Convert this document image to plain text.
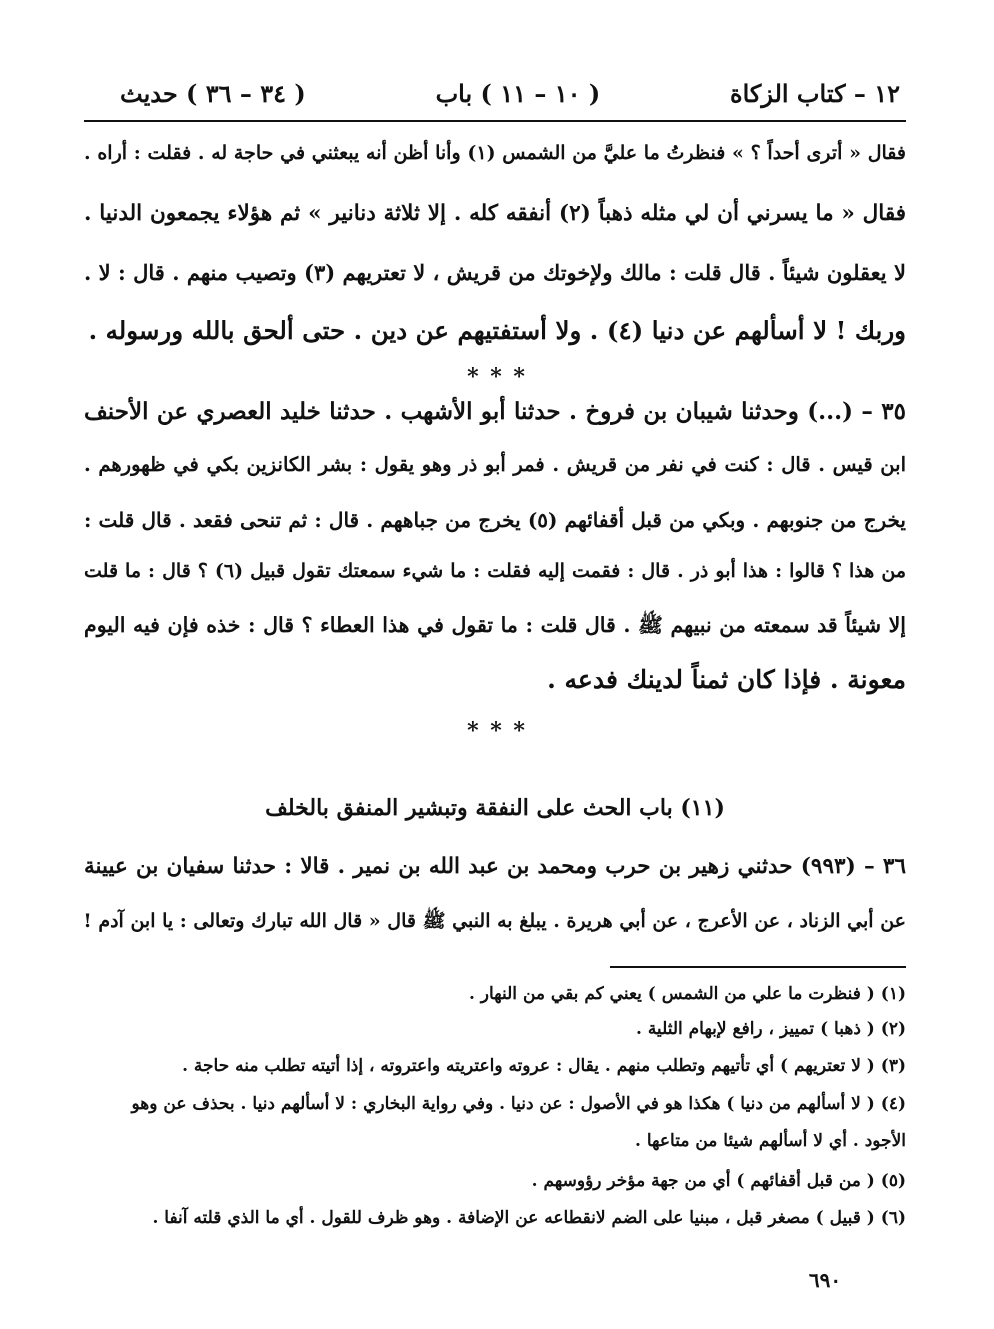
١٢ – كتاب الزكاة
( ١٠ – ١١ ) باب
( ٣٤ – ٣٦ ) حديث
فقال « أترى أحداً ؟ » فنظرتُ ما عليَّ من الشمس (١) وأنا أظن أنه يبعثني في حاجة له . فقلت : أراه .
فقال « ما يسرني أن لي مثله ذهباً (٢) أنفقه كله . إلا ثلاثة دنانير » ثم هؤلاء يجمعون الدنيا .
لا يعقلون شيئاً . قال قلت : مالك ولإخوتك من قريش ، لا تعتريهم (٣) وتصيب منهم . قال : لا .
وربك ! لا أسألهم عن دنيا (٤) . ولا أستفتيهم عن دين . حتى ألحق بالله ورسوله .
* * *
٣٥ – (...) وحدثنا شيبان بن فروخ . حدثنا أبو الأشهب . حدثنا خليد العصري عن الأحنف
ابن قيس . قال : كنت في نفر من قريش . فمر أبو ذر وهو يقول : بشر الكانزين بكي في ظهورهم .
يخرج من جنوبهم . وبكي من قبل أقفائهم (٥) يخرج من جباههم . قال : ثم تنحى فقعد . قال قلت :
من هذا ؟ قالوا : هذا أبو ذر . قال : فقمت إليه فقلت : ما شيء سمعتك تقول قبيل (٦) ؟ قال : ما قلت
إلا شيئاً قد سمعته من نبيهم ﷺ . قال قلت : ما تقول في هذا العطاء ؟ قال : خذه فإن فيه اليوم
معونة . فإذا كان ثمناً لدينك فدعه .
* * *
(١١) باب الحث على النفقة وتبشير المنفق بالخلف
٣٦ – (٩٩٣) حدثني زهير بن حرب ومحمد بن عبد الله بن نمير . قالا : حدثنا سفيان بن عيينة
عن أبي الزناد ، عن الأعرج ، عن أبي هريرة . يبلغ به النبي ﷺ قال « قال الله تبارك وتعالى : يا ابن آدم !
(١) ( فنظرت ما علي من الشمس ) يعني كم بقي من النهار .
(٢) ( ذهبا ) تمييز ، رافع لإبهام الثلية .
(٣) ( لا تعتريهم ) أي تأتيهم وتطلب منهم . يقال : عروته واعتريته واعتروته ، إذا أتيته تطلب منه حاجة .
(٤) ( لا أسألهم من دنيا ) هكذا هو في الأصول : عن دنيا . وفي رواية البخاري : لا أسألهم دنيا . بحذف عن وهو
الأجود . أي لا أسألهم شيئا من متاعها .
(٥) ( من قبل أقفائهم ) أي من جهة مؤخر رؤوسهم .
(٦) ( قبيل ) مصغر قبل ، مبنيا على الضم لانقطاعه عن الإضافة . وهو ظرف للقول . أي ما الذي قلته آنفا .
٦٩٠
